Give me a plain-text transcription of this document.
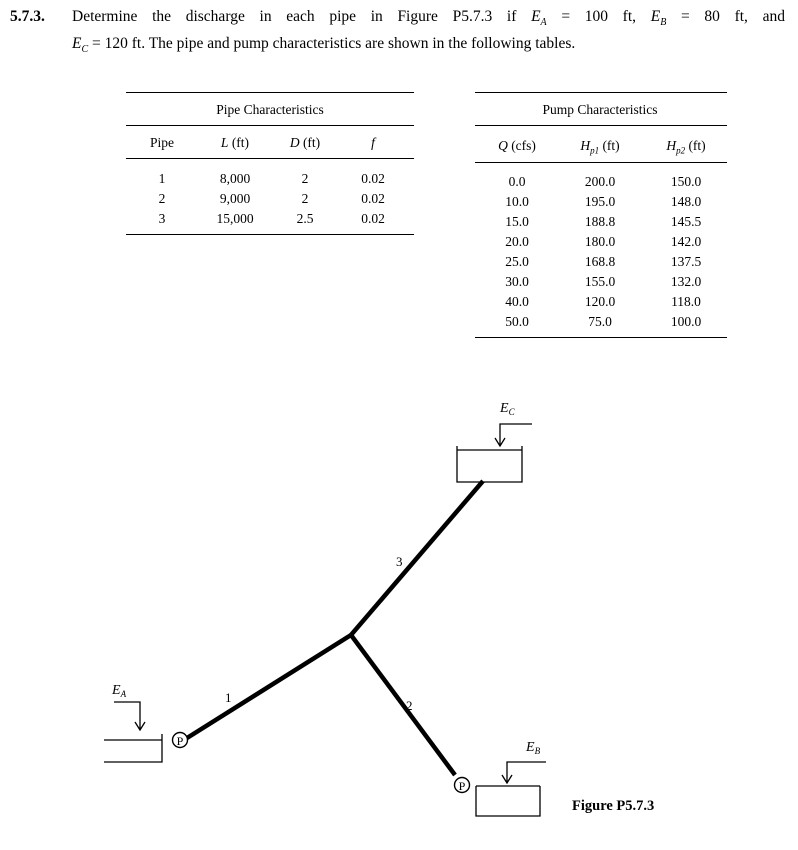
5.7.3. Determine the discharge in each pipe in Figure P5.7.3 if $E_A = 100$ ft, $E_B = 80$ ft, and
$E_C = 120$ ft. The pipe and pump characteristics are shown in the following tables.
Pipe Characteristics
Pipe	L (ft)	D (ft)	f
1	8,000	2	0.02
2	9,000	2	0.02
3	15,000	2.5	0.02
Pump Characteristics
Q (cfs)	$H_{p1}$ (ft)	$H_{p2}$ (ft)
0.0	200.0	150.0
10.0	195.0	148.0
15.0	188.8	145.5
20.0	180.0	142.0
25.0	168.8	137.5
30.0	155.0	132.0
40.0	120.0	118.0
50.0	75.0	100.0
P
P
$E_A$
$E_C$
$E_B$
1
2
3
Figure P5.7.3
